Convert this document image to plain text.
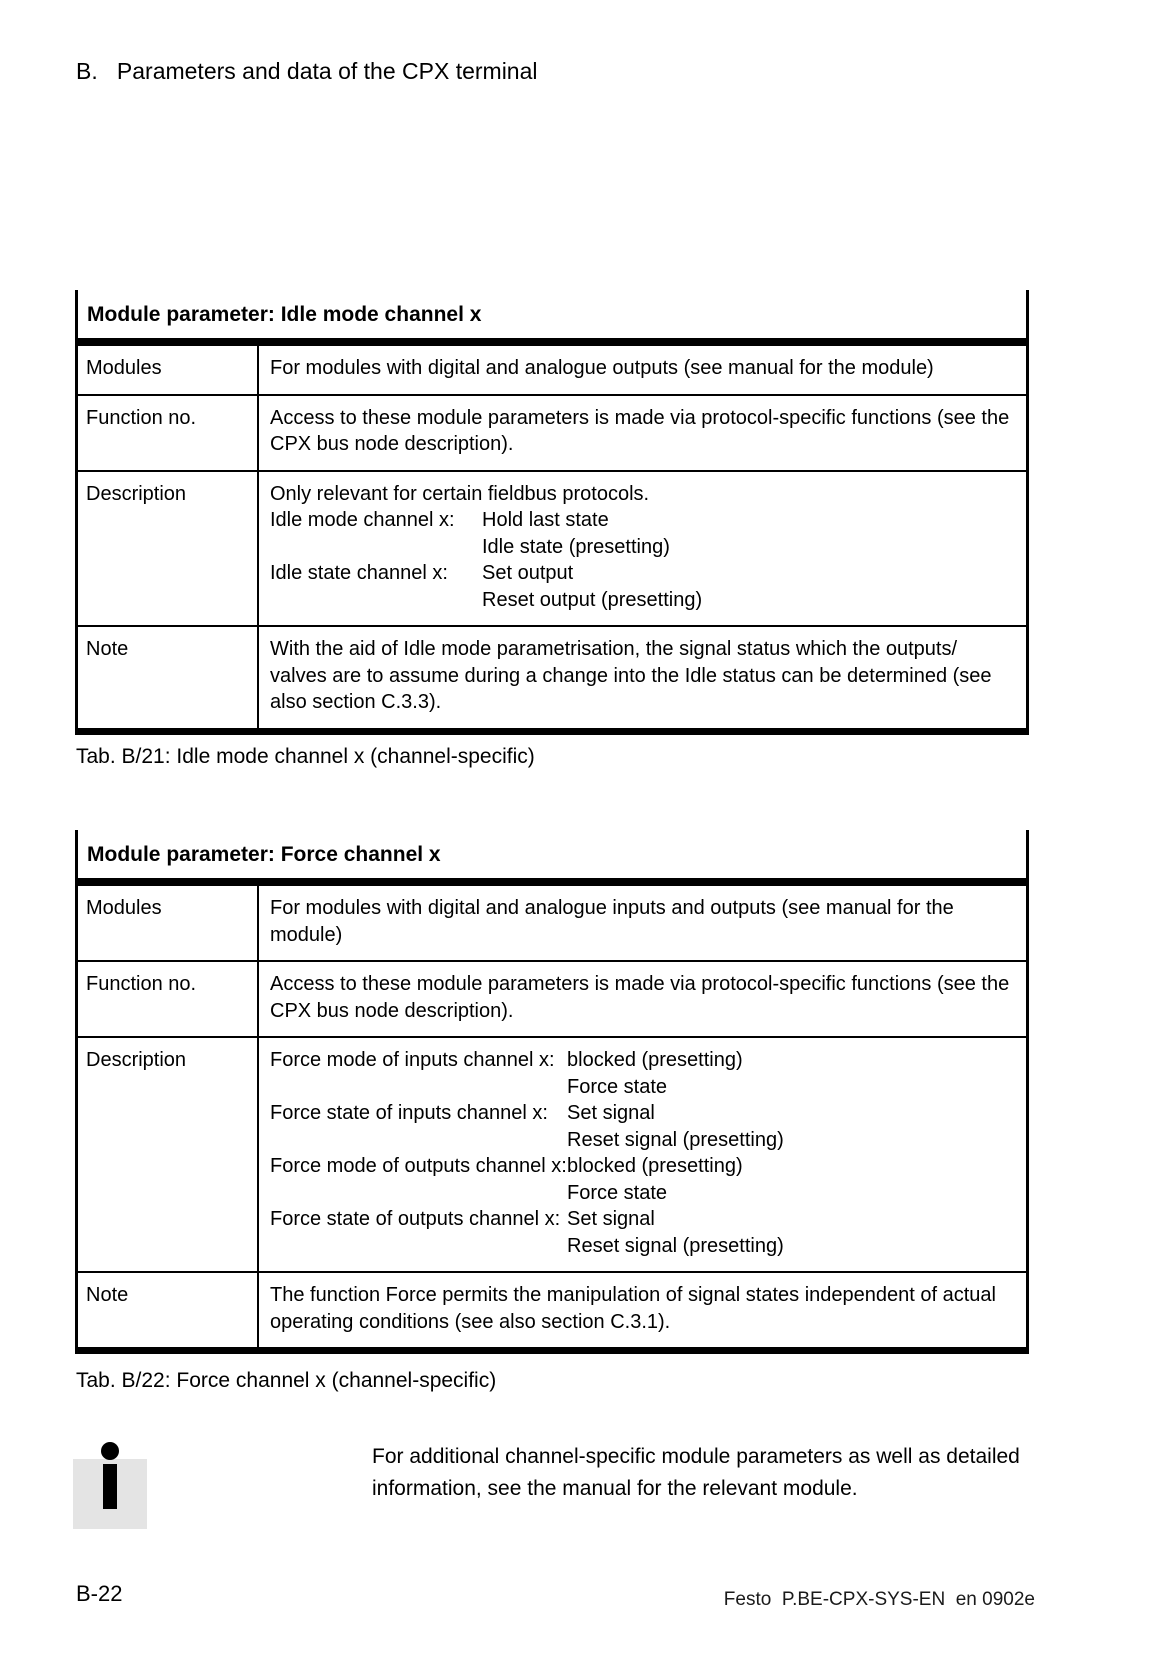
B.   Parameters and data of the CPX terminal
Module parameter: Idle mode channel x
Modules	For modules with digital and analogue outputs (see manual for the module)
Function no.	Access to these module parameters is made via protocol-specific functions (see the CPX bus node description).
Description	Only relevant for certain fieldbus protocols.
Idle mode channel x:	Hold last state
Idle state (presetting)
Idle state channel x:	Set output
Reset output (presetting)
Note	With the aid of Idle mode parametrisation, the signal status which the outputs/ valves are to assume during a change into the Idle status can be determined (see also section C.3.3).
Tab. B/21: Idle mode channel x (channel-specific)
Module parameter: Force channel x
Modules	For modules with digital and analogue inputs and outputs (see manual for the module)
Function no.	Access to these module parameters is made via protocol-specific functions (see the CPX bus node description).
Description	Force mode of inputs channel x: blocked (presetting)
Force state
Force state of inputs channel x: Set signal
Reset signal (presetting)
Force mode of outputs channel x: blocked (presetting)
Force state
Force state of outputs channel x: Set signal
Reset signal (presetting)
Note	The function Force permits the manipulation of signal states independent of actual operating conditions (see also section C.3.1).
Tab. B/22: Force channel x (channel-specific)
For additional channel-specific module parameters as well as detailed information, see the manual for the relevant module.
B-22	Festo  P.BE-CPX-SYS-EN  en 0902e
